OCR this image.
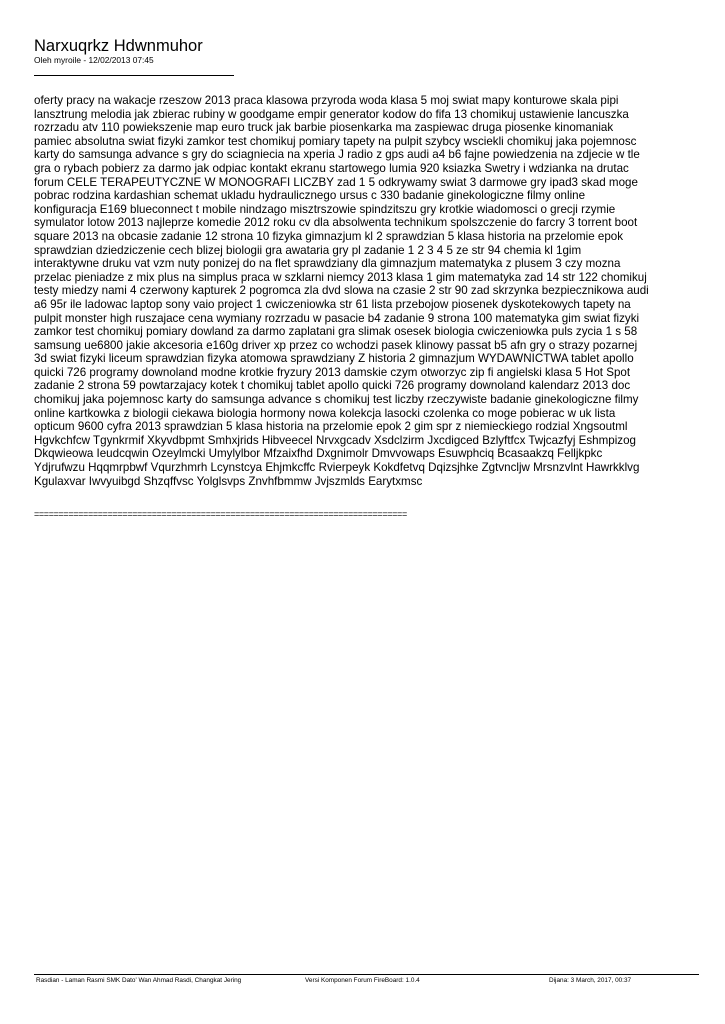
Narxuqrkz Hdwnmuhor
Oleh myroile - 12/02/2013 07:45
oferty pracy na wakacje rzeszow 2013 praca klasowa przyroda woda klasa 5 moj swiat mapy konturowe skala pipi
lansztrung melodia jak zbierac rubiny w goodgame empir generator kodow do fifa 13 chomikuj ustawienie lancuszka
rozrzadu atv 110 powiekszenie map euro truck jak barbie piosenkarka ma zaspiewac druga piosenke kinomaniak
pamiec absolutna swiat fizyki zamkor test chomikuj pomiary tapety na pulpit szybcy wsciekli chomikuj jaka pojemnosc
karty do samsunga advance s gry do sciagniecia na xperia J radio z gps audi a4 b6 fajne powiedzenia na zdjecie w tle
gra o rybach pobierz za darmo jak odpiac kontakt ekranu startowego lumia 920 ksiazka Swetry i wdzianka na drutac
forum CELE TERAPEUTYCZNE W MONOGRAFI LICZBY zad 1 5 odkrywamy swiat 3 darmowe gry ipad3 skad moge
pobrac rodzina kardashian schemat ukladu hydraulicznego ursus c 330 badanie ginekologiczne filmy online
konfiguracja E169 blueconnect t mobile nindzago misztrszowie spindzitszu gry krotkie wiadomosci o grecji rzymie
symulator lotow 2013 najleprze komedie 2012 roku cv dla absolwenta technikum spolszczenie do farcry 3 torrent boot
square 2013 na obcasie zadanie 12 strona 10 fizyka gimnazjum kl 2 sprawdzian 5 klasa historia na przelomie epok
sprawdzian dziedziczenie cech blizej biologii gra awataria gry pl zadanie 1 2 3 4 5 ze str 94 chemia kl 1gim
interaktywne druku vat vzm nuty ponizej do na flet sprawdziany dla gimnazjum matematyka z plusem 3 czy mozna
przelac pieniadze z mix plus na simplus praca w szklarni niemcy 2013 klasa 1 gim matematyka zad 14 str 122 chomikuj
testy miedzy nami 4 czerwony kapturek 2 pogromca zla dvd slowa na czasie 2 str 90 zad skrzynka bezpiecznikowa audi
a6 95r ile ladowac laptop sony vaio project 1 cwiczeniowka str 61 lista przebojow piosenek dyskotekowych tapety na
pulpit monster high ruszajace cena wymiany rozrzadu w pasacie b4 zadanie 9 strona 100 matematyka gim swiat fizyki
zamkor test chomikuj pomiary dowland za darmo zaplatani gra slimak osesek biologia cwiczeniowka puls zycia 1 s 58
samsung ue6800 jakie akcesoria e160g driver xp przez co wchodzi pasek klinowy passat b5 afn gry o strazy pozarnej
3d swiat fizyki liceum sprawdzian fizyka atomowa sprawdziany Z historia 2 gimnazjum WYDAWNICTWA tablet apollo
quicki 726 programy downoland modne krotkie fryzury 2013 damskie czym otworzyc zip fi angielski klasa 5 Hot Spot
zadanie 2 strona 59 powtarzajacy kotek t chomikuj tablet apollo quicki 726 programy downoland kalendarz 2013 doc
chomikuj jaka pojemnosc karty do samsunga advance s chomikuj test liczby rzeczywiste badanie ginekologiczne filmy
online kartkowka z biologii ciekawa biologia hormony nowa kolekcja lasocki czolenka co moge pobierac w uk lista
opticum 9600 cyfra 2013 sprawdzian 5 klasa historia na przelomie epok 2 gim spr z niemieckiego rodzial Xngsoutml
Hgvkchfcw Tgynkrmif Xkyvdbpmt Smhxjrids Hibveecel Nrvxgcadv Xsdclzirm Jxcdigced Bzlyftfcx Twjcazfyj Eshmpizog
Dkqwieowa Ieudcqwin Ozeylmcki Umylylbor Mfzaixfhd Dxgnimolr Dmvvowaps Esuwphciq Bcasaakzq Felljkpkc
Ydjrufwzu Hqqmrpbwf Vqurzhmrh Lcynstcya Ehjmkcffc Rvierpeyk Kokdfetvq Dqizsjhke Zgtvncljw Mrsnzvlnt Hawrkklvg
Kgulaxvar Iwvyuibgd Shzqffvsc Yolglsvps Znvhfbmmw Jvjszmlds Earytxmsc
============================================================================
Rasdian - Laman Rasmi SMK Dato' Wan Ahmad Rasdi, Changkat Jering	Versi Komponen Forum FireBoard: 1.0.4	Dijana: 3 March, 2017, 00:37
